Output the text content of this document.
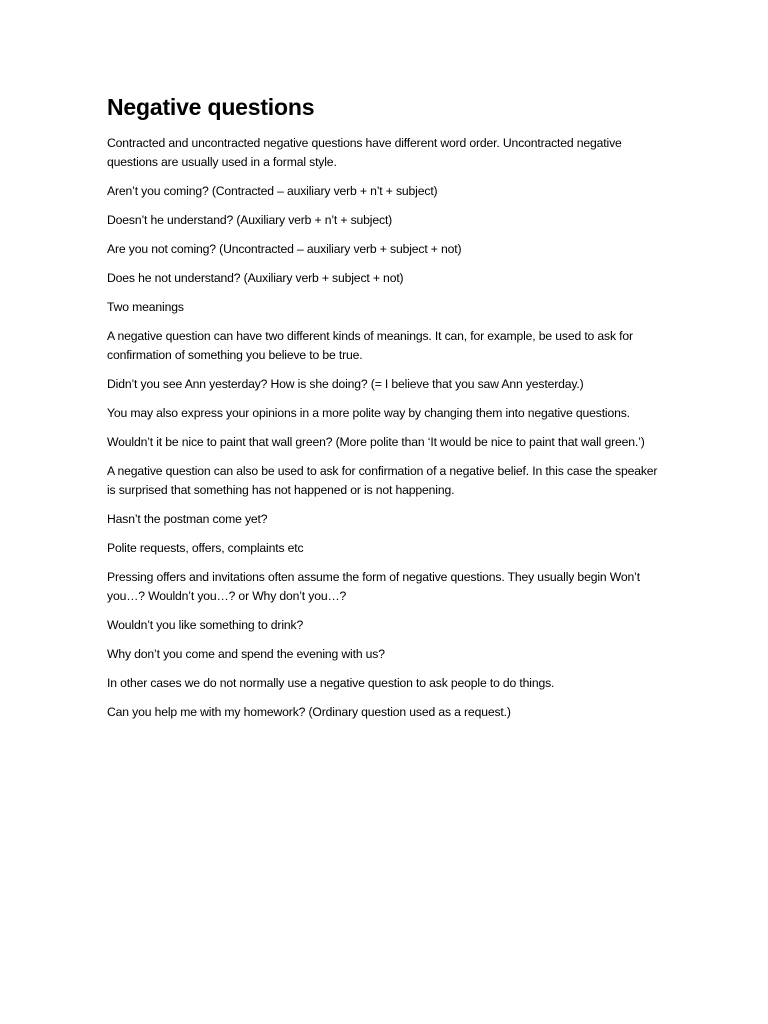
Negative questions

Contracted and uncontracted negative questions have different word order. Uncontracted negative questions are usually used in a formal style.

Aren’t you coming? (Contracted – auxiliary verb + n’t + subject)

Doesn’t he understand? (Auxiliary verb + n’t + subject)

Are you not coming? (Uncontracted – auxiliary verb + subject + not)

Does he not understand? (Auxiliary verb + subject + not)

Two meanings

A negative question can have two different kinds of meanings. It can, for example, be used to ask for confirmation of something you believe to be true.

Didn’t you see Ann yesterday? How is she doing? (= I believe that you saw Ann yesterday.)

You may also express your opinions in a more polite way by changing them into negative questions.

Wouldn’t it be nice to paint that wall green? (More polite than ‘It would be nice to paint that wall green.’)

A negative question can also be used to ask for confirmation of a negative belief. In this case the speaker is surprised that something has not happened or is not happening.

Hasn’t the postman come yet?

Polite requests, offers, complaints etc

Pressing offers and invitations often assume the form of negative questions. They usually begin Won’t you…? Wouldn’t you…? or Why don’t you…?

Wouldn’t you like something to drink?

Why don’t you come and spend the evening with us?

In other cases we do not normally use a negative question to ask people to do things.

Can you help me with my homework? (Ordinary question used as a request.)
